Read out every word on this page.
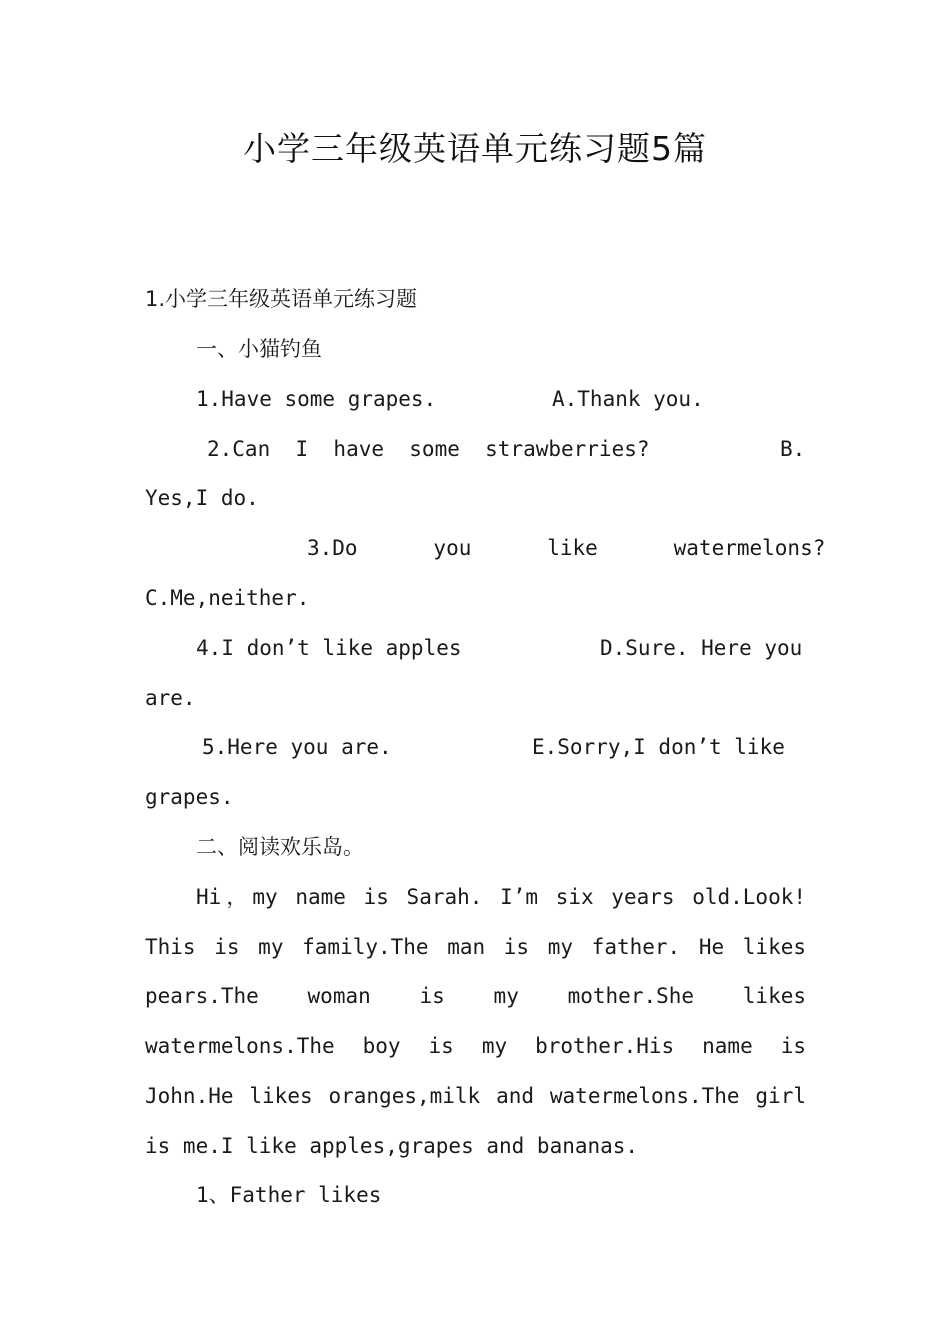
小学三年级英语单元练习题5篇
1.小学三年级英语单元练习题
一、小猫钓鱼
1.Have some grapes.	A.Thank you.
2.Can  I  have  some  strawberries?	B.
Yes,I do.
3.Do      you      like      watermelons?
C.Me,neither.
4.I don’t like apples	D.Sure. Here you
are.
5.Here you are.	E.Sorry,I don’t like
grapes.
二、阅读欢乐岛。
Hi，my name is Sarah. I’m six years old.Look!
This is my family.The man is my father. He likes
pears.The woman is my mother.She likes
watermelons.The boy is my brother.His name is
John.He likes oranges,milk and watermelons.The girl
is me.I like apples,grapes and bananas.
1、Father likes
